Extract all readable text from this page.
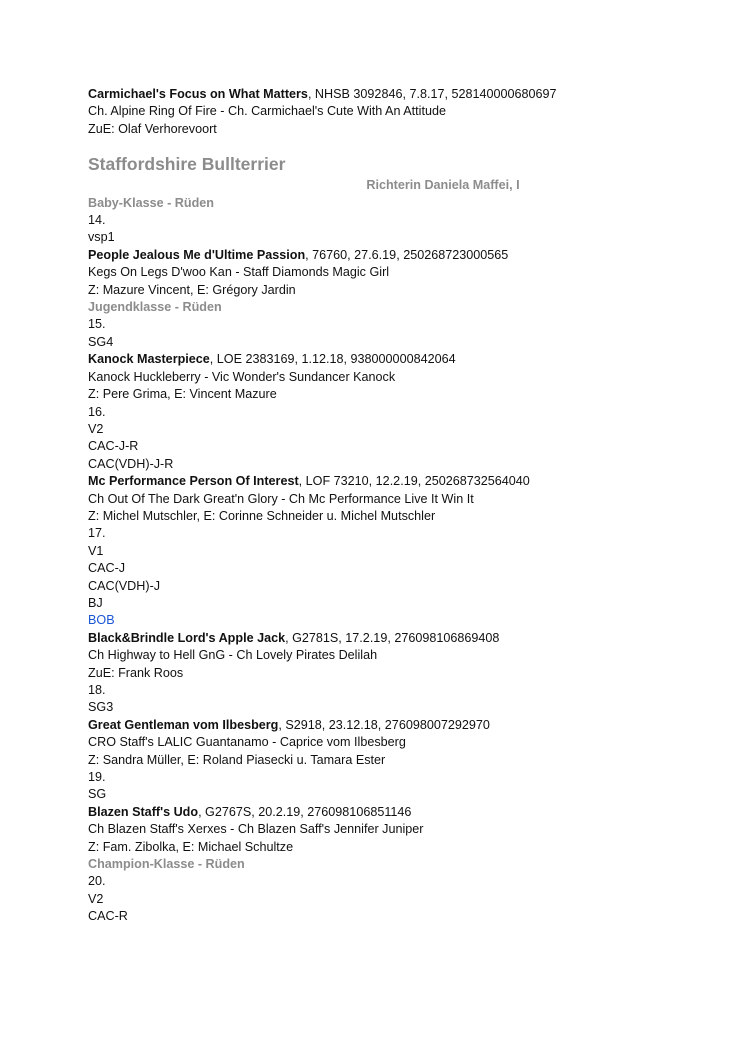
Carmichael's Focus on What Matters, NHSB 3092846, 7.8.17, 528140000680697
Ch. Alpine Ring Of Fire - Ch. Carmichael's Cute With An Attitude
ZuE: Olaf Verhorevoort
Staffordshire Bullterrier
Richterin Daniela Maffei, I
Baby-Klasse - Rüden
14.
vsp1
People Jealous Me d'Ultime Passion, 76760, 27.6.19, 250268723000565
Kegs On Legs D'woo Kan - Staff Diamonds Magic Girl
Z: Mazure Vincent, E: Grégory Jardin
Jugendklasse - Rüden
15.
SG4
Kanock Masterpiece, LOE 2383169, 1.12.18, 938000000842064
Kanock Huckleberry - Vic Wonder's Sundancer Kanock
Z: Pere Grima, E: Vincent Mazure
16.
V2
CAC-J-R
CAC(VDH)-J-R
Mc Performance Person Of Interest, LOF 73210, 12.2.19, 250268732564040
Ch Out Of The Dark Great'n Glory - Ch Mc Performance Live It Win It
Z: Michel Mutschler, E: Corinne Schneider u. Michel Mutschler
17.
V1
CAC-J
CAC(VDH)-J
BJ
BOB
Black&Brindle Lord's Apple Jack, G2781S, 17.2.19, 276098106869408
Ch Highway to Hell GnG - Ch Lovely Pirates Delilah
ZuE: Frank Roos
18.
SG3
Great Gentleman vom Ilbesberg, S2918, 23.12.18, 276098007292970
CRO Staff's LALIC Guantanamo - Caprice vom Ilbesberg
Z: Sandra Müller, E: Roland Piasecki u. Tamara Ester
19.
SG
Blazen Staff's Udo, G2767S, 20.2.19, 276098106851146
Ch Blazen Staff's Xerxes - Ch Blazen Saff's Jennifer Juniper
Z: Fam. Zibolka, E: Michael Schultze
Champion-Klasse - Rüden
20.
V2
CAC-R
